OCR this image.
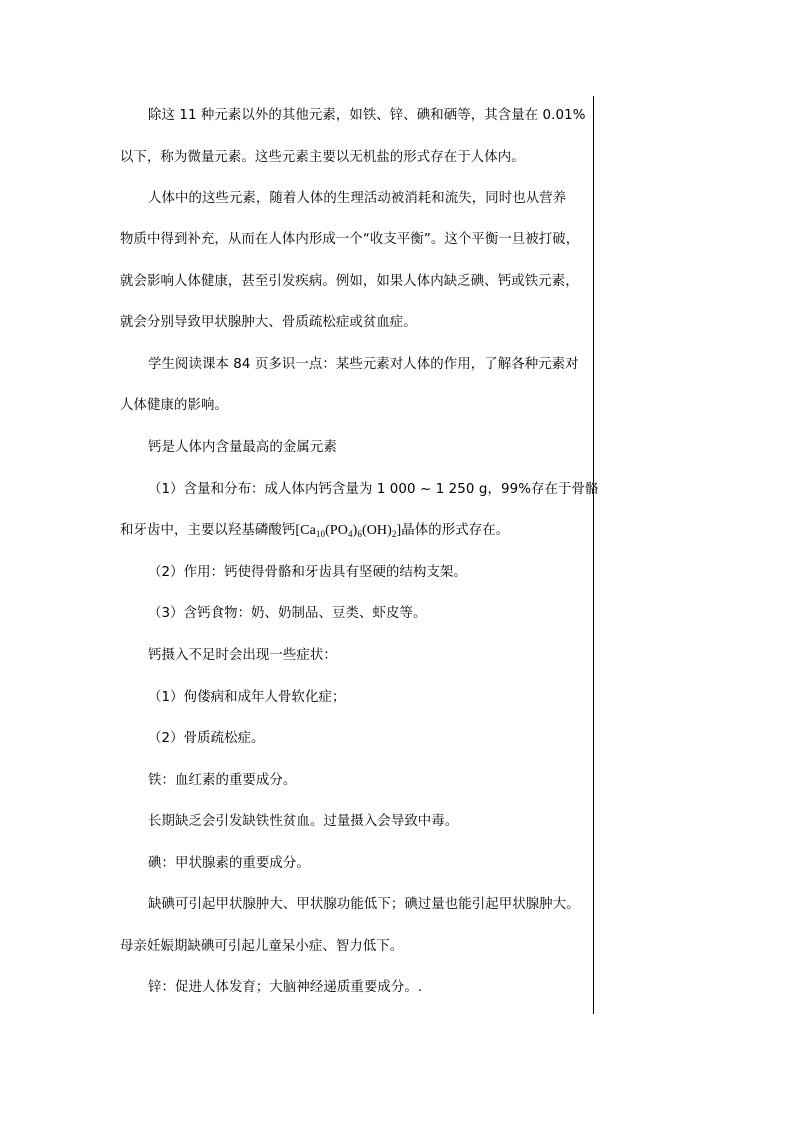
除这 11 种元素以外的其他元素，如铁、锌、碘和硒等，其含量在 0.01%
以下，称为微量元素。这些元素主要以无机盐的形式存在于人体内。
人体中的这些元素，随着人体的生理活动被消耗和流失，同时也从营养
物质中得到补充，从而在人体内形成一个“收支平衡”。这个平衡一旦被打破，
就会影响人体健康，甚至引发疾病。例如，如果人体内缺乏碘、钙或铁元素，
就会分别导致甲状腺肿大、骨质疏松症或贫血症。
学生阅读课本 84 页多识一点：某些元素对人体的作用，了解各种元素对
人体健康的影响。
钙是人体内含量最高的金属元素
（1）含量和分布：成人体内钙含量为 1 000 ~ 1 250 g，99%存在于骨骼
和牙齿中，主要以羟基磷酸钙$[Ca_{10}(PO_4)_6(OH)_2]$晶体的形式存在。
（2）作用：钙使得骨骼和牙齿具有坚硬的结构支架。
（3）含钙食物：奶、奶制品、豆类、虾皮等。
钙摄入不足时会出现一些症状：
（1）佝偻病和成年人骨软化症；
（2）骨质疏松症。
铁：血红素的重要成分。
长期缺乏会引发缺铁性贫血。过量摄入会导致中毒。
碘：甲状腺素的重要成分。
缺碘可引起甲状腺肿大、甲状腺功能低下；碘过量也能引起甲状腺肿大。
母亲妊娠期缺碘可引起儿童呆小症、智力低下。
锌：促进人体发育；大脑神经递质重要成分。.
